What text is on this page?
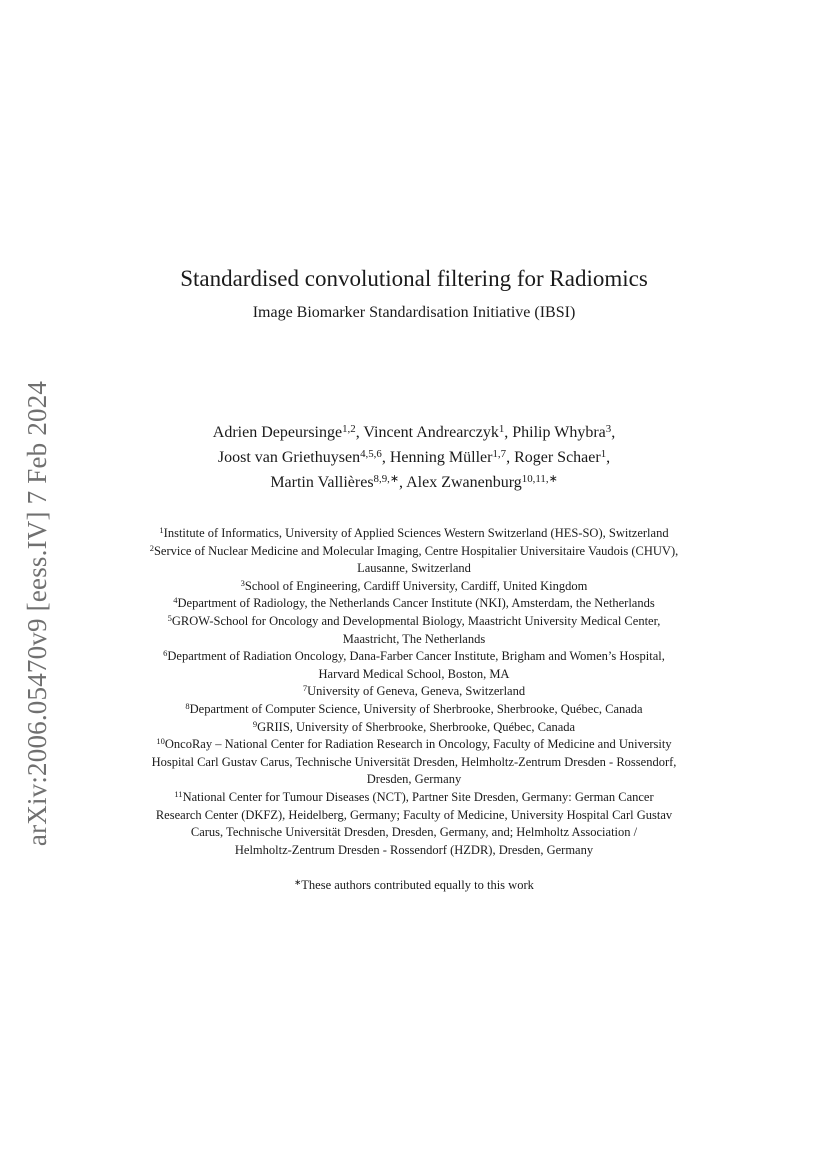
arXiv:2006.05470v9 [eess.IV] 7 Feb 2024
Standardised convolutional filtering for Radiomics
Image Biomarker Standardisation Initiative (IBSI)
Adrien Depeursinge$^{1,2}$, Vincent Andrearczyk$^1$, Philip Whybra$^3$,
Joost van Griethuysen$^{4,5,6}$, Henning Müller$^{1,7}$, Roger Schaer$^1$,
Martin Vallières$^{8,9,∗}$, Alex Zwanenburg$^{10,11,∗}$
$^1$Institute of Informatics, University of Applied Sciences Western Switzerland (HES-SO), Switzerland
$^2$Service of Nuclear Medicine and Molecular Imaging, Centre Hospitalier Universitaire Vaudois (CHUV),
Lausanne, Switzerland
$^3$School of Engineering, Cardiff University, Cardiff, United Kingdom
$^4$Department of Radiology, the Netherlands Cancer Institute (NKI), Amsterdam, the Netherlands
$^5$GROW-School for Oncology and Developmental Biology, Maastricht University Medical Center,
Maastricht, The Netherlands
$^6$Department of Radiation Oncology, Dana-Farber Cancer Institute, Brigham and Women’s Hospital,
Harvard Medical School, Boston, MA
$^7$University of Geneva, Geneva, Switzerland
$^8$Department of Computer Science, University of Sherbrooke, Sherbrooke, Québec, Canada
$^9$GRIIS, University of Sherbrooke, Sherbrooke, Québec, Canada
$^{10}$OncoRay – National Center for Radiation Research in Oncology, Faculty of Medicine and University
Hospital Carl Gustav Carus, Technische Universität Dresden, Helmholtz-Zentrum Dresden - Rossendorf,
Dresden, Germany
$^{11}$National Center for Tumour Diseases (NCT), Partner Site Dresden, Germany: German Cancer
Research Center (DKFZ), Heidelberg, Germany; Faculty of Medicine, University Hospital Carl Gustav
Carus, Technische Universität Dresden, Dresden, Germany, and; Helmholtz Association /
Helmholtz-Zentrum Dresden - Rossendorf (HZDR), Dresden, Germany
∗These authors contributed equally to this work
